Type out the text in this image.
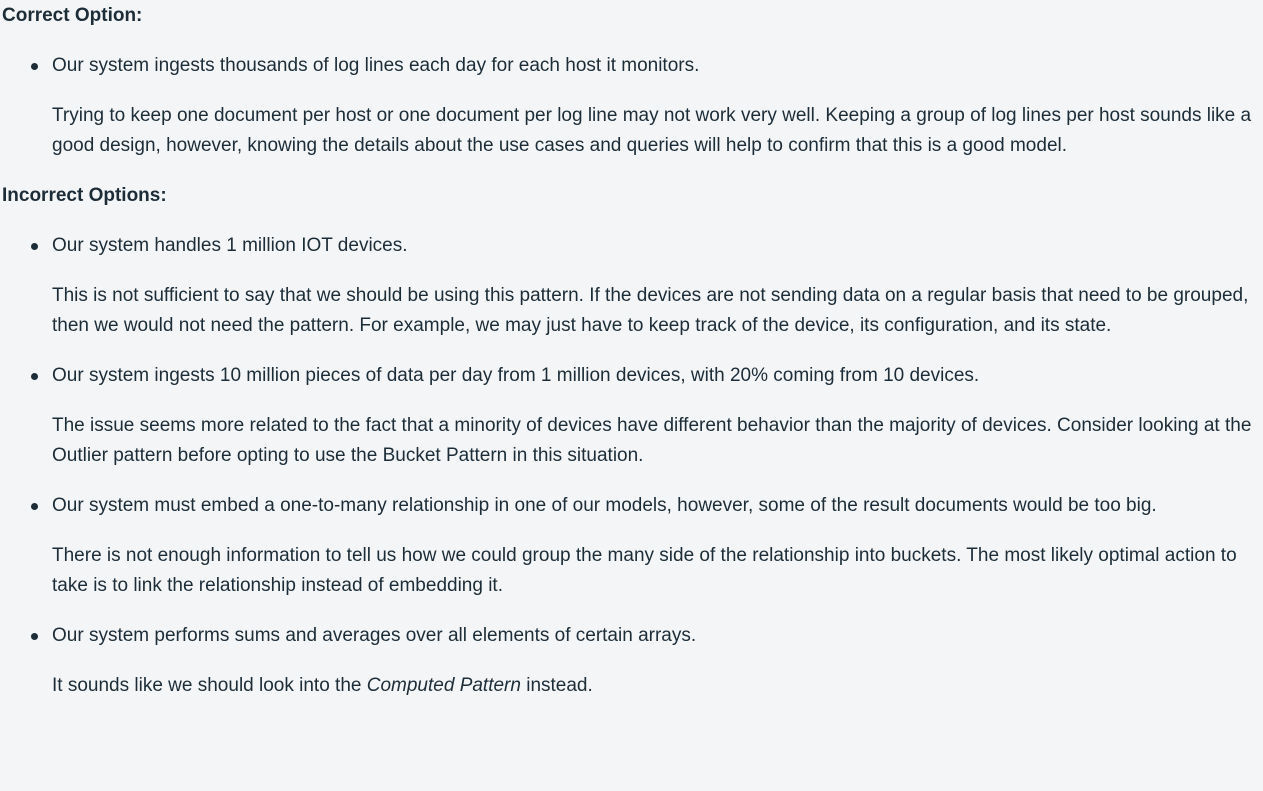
Correct Option:

Our system ingests thousands of log lines each day for each host it monitors.

Trying to keep one document per host or one document per log line may not work very well. Keeping a group of log lines per host sounds like a good design, however, knowing the details about the use cases and queries will help to confirm that this is a good model.

Incorrect Options:

Our system handles 1 million IOT devices.

This is not sufficient to say that we should be using this pattern. If the devices are not sending data on a regular basis that need to be grouped, then we would not need the pattern. For example, we may just have to keep track of the device, its configuration, and its state.

Our system ingests 10 million pieces of data per day from 1 million devices, with 20% coming from 10 devices.

The issue seems more related to the fact that a minority of devices have different behavior than the majority of devices. Consider looking at the Outlier pattern before opting to use the Bucket Pattern in this situation.

Our system must embed a one-to-many relationship in one of our models, however, some of the result documents would be too big.

There is not enough information to tell us how we could group the many side of the relationship into buckets. The most likely optimal action to take is to link the relationship instead of embedding it.

Our system performs sums and averages over all elements of certain arrays.

It sounds like we should look into the Computed Pattern instead.
